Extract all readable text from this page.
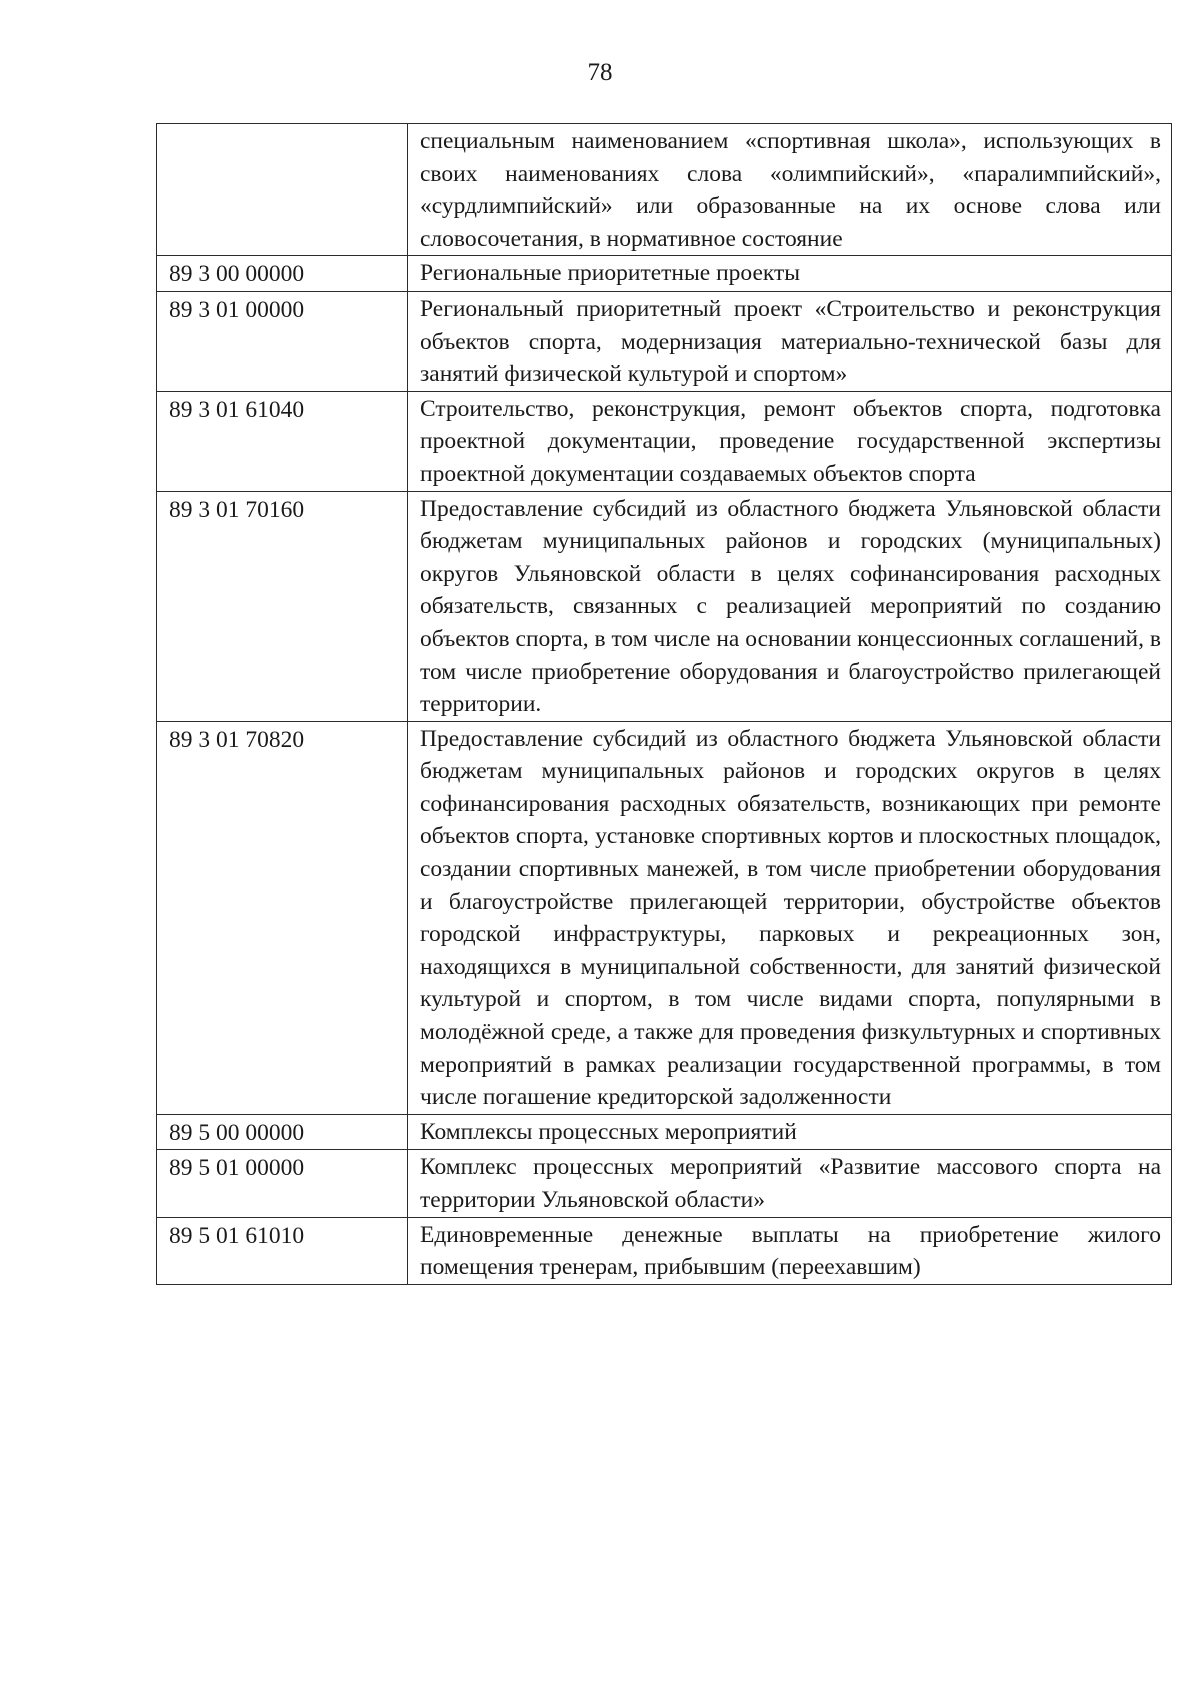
78
	специальным наименованием «спортивная школа», использующих в своих наименованиях слова «олимпийский», «паралимпийский», «сурдлимпийский» или образованные на их основе слова или словосочетания, в нормативное состояние
89 3 00 00000	Региональные приоритетные проекты
89 3 01 00000	Региональный приоритетный проект «Строительство и реконструкция объектов спорта, модернизация материально-технической базы для занятий физической культурой и спортом»
89 3 01 61040	Строительство, реконструкция, ремонт объектов спорта, подготовка проектной документации, проведение государственной экспертизы проектной документации создаваемых объектов спорта
89 3 01 70160	Предоставление субсидий из областного бюджета Ульяновской области бюджетам муниципальных районов и городских (муниципальных) округов Ульяновской области в целях софинансирования расходных обязательств, связанных с реализацией мероприятий по созданию объектов спорта, в том числе на основании концессионных соглашений, в том числе приобретение оборудования и благоустройство прилегающей территории.
89 3 01 70820	Предоставление субсидий из областного бюджета Ульяновской области бюджетам муниципальных районов и городских округов в целях софинансирования расходных обязательств, возникающих при ремонте объектов спорта, установке спортивных кортов и плоскостных площадок, создании спортивных манежей, в том числе приобретении оборудования и благоустройстве прилегающей территории, обустройстве объектов городской инфраструктуры, парковых и рекреационных зон, находящихся в муниципальной собственности, для занятий физической культурой и спортом, в том числе видами спорта, популярными в молодёжной среде, а также для проведения физкультурных и спортивных мероприятий в рамках реализации государственной программы, в том числе погашение кредиторской задолженности
89 5 00 00000	Комплексы процессных мероприятий
89 5 01 00000	Комплекс процессных мероприятий «Развитие массового спорта на территории Ульяновской области»
89 5 01 61010	Единовременные денежные выплаты на приобретение жилого помещения тренерам, прибывшим (переехавшим)
